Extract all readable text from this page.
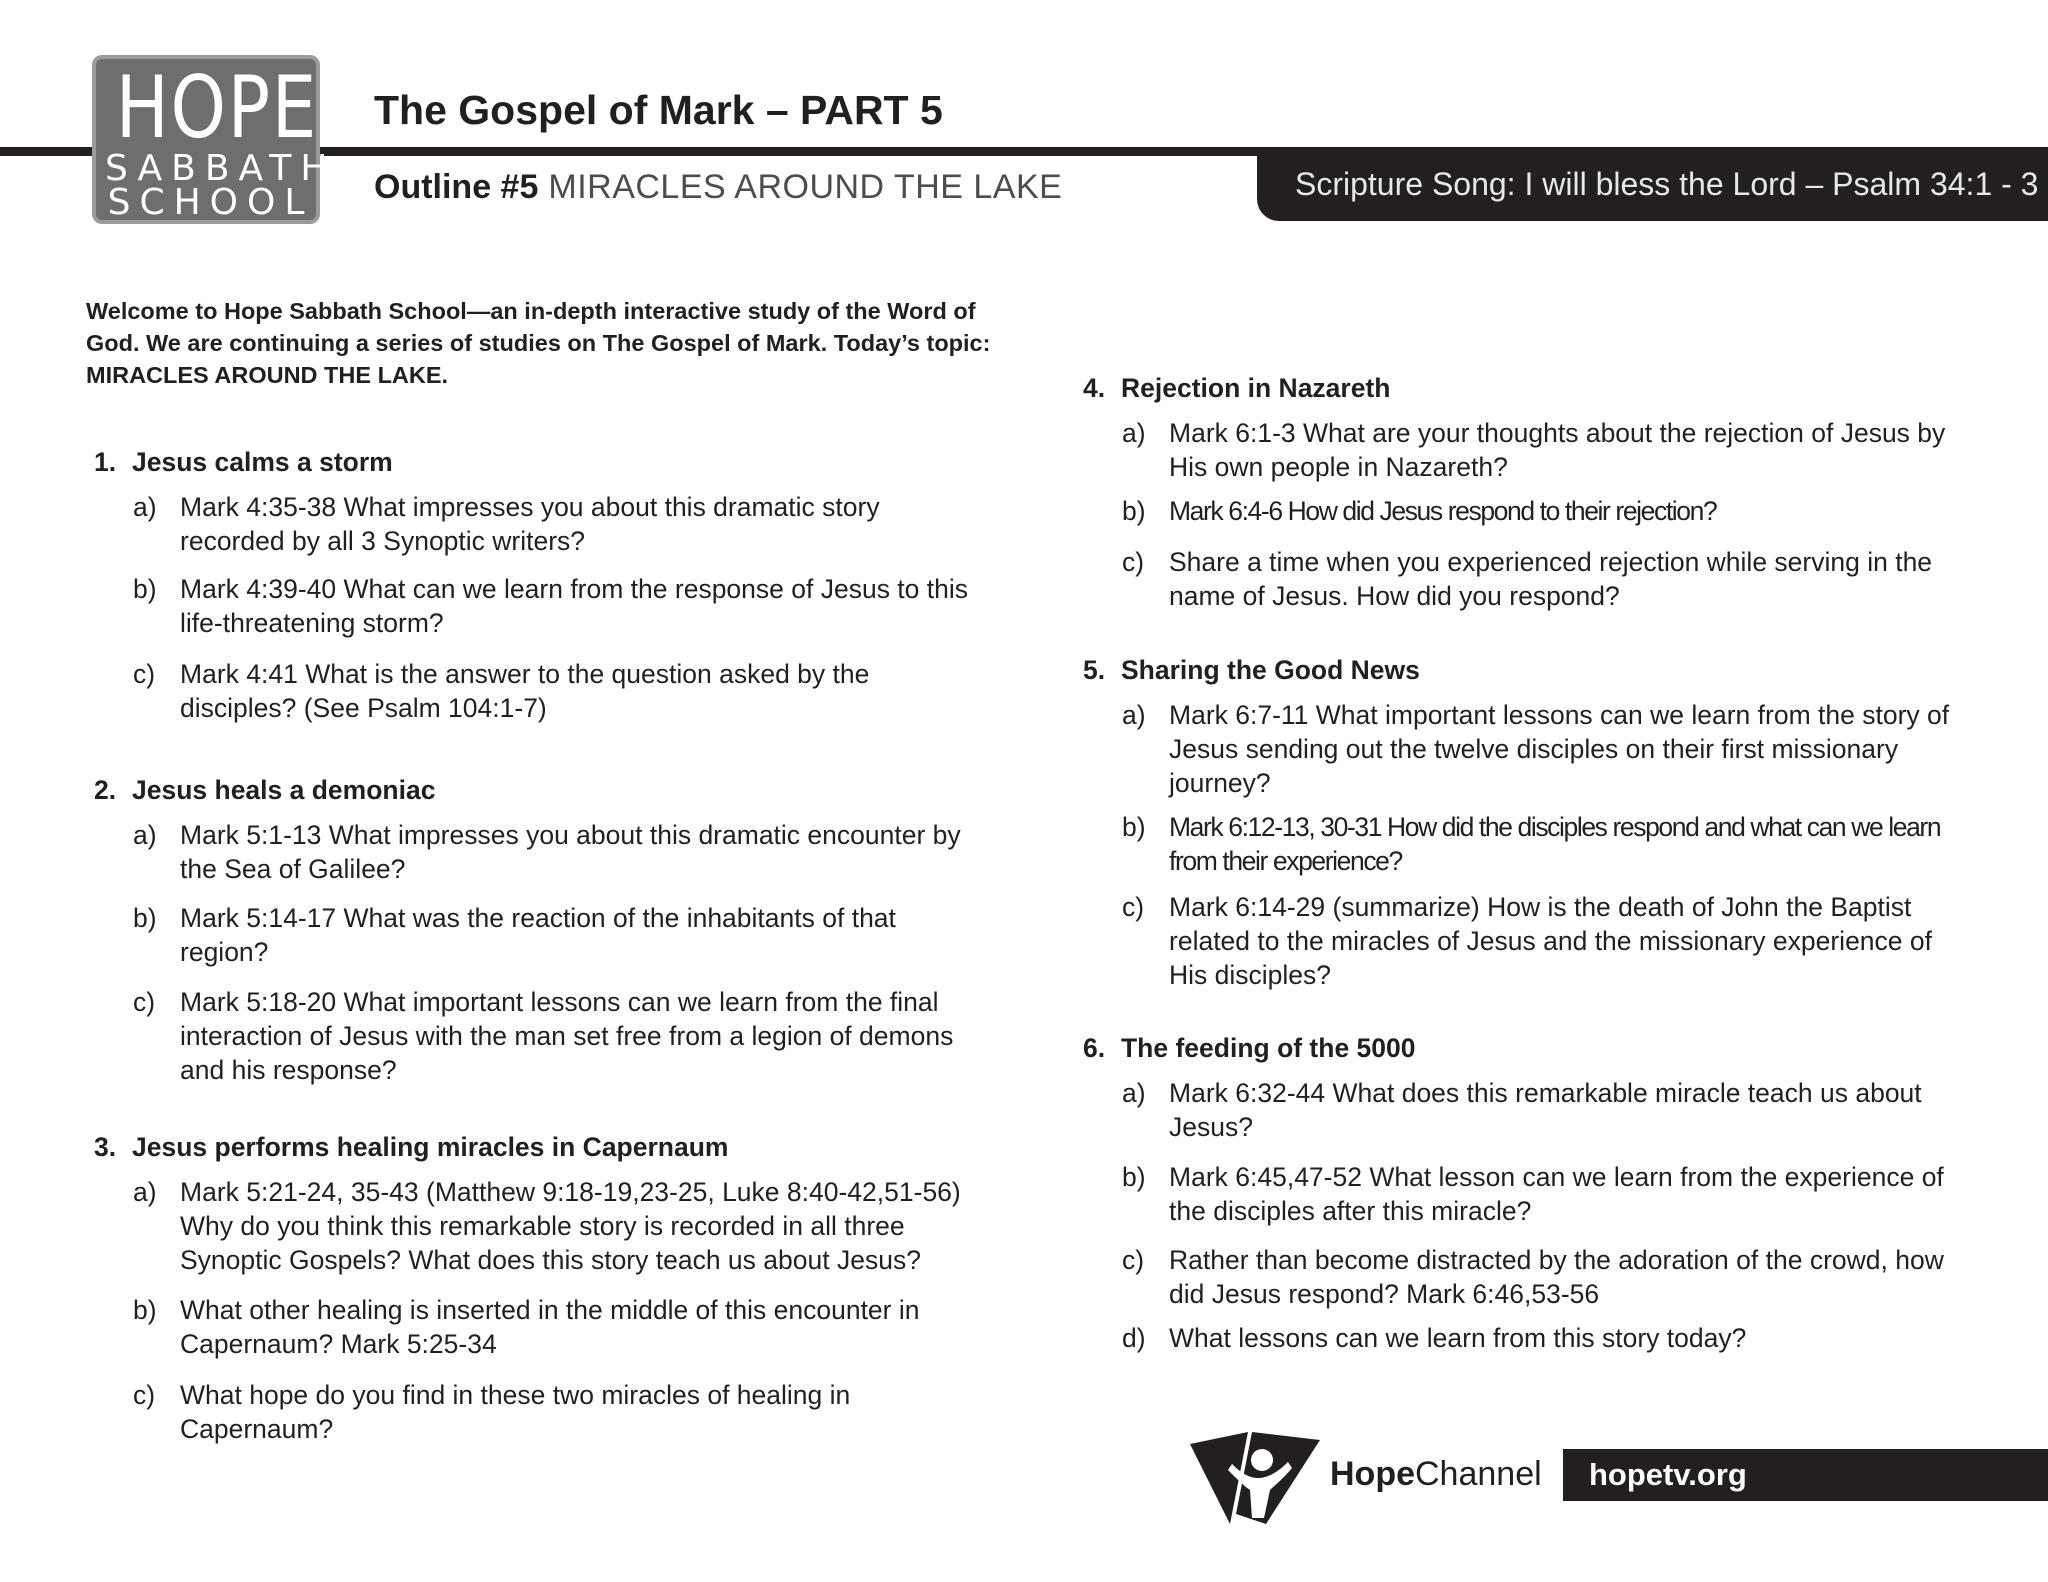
HOPE
SABBATH
SCHOOL
The Gospel of Mark – PART 5
Outline #5 MIRACLES AROUND THE LAKE	Scripture Song: I will bless the Lord – Psalm 34:1 - 3
Welcome to Hope Sabbath School—an in-depth interactive study of the Word of God. We are continuing a series of studies on The Gospel of Mark. Today’s topic: MIRACLES AROUND THE LAKE.
1. Jesus calms a storm
a) Mark 4:35-38 What impresses you about this dramatic story recorded by all 3 Synoptic writers?
b) Mark 4:39-40 What can we learn from the response of Jesus to this life-threatening storm?
c) Mark 4:41 What is the answer to the question asked by the disciples? (See Psalm 104:1-7)
2. Jesus heals a demoniac
a) Mark 5:1-13 What impresses you about this dramatic encounter by the Sea of Galilee?
b) Mark 5:14-17 What was the reaction of the inhabitants of that region?
c) Mark 5:18-20 What important lessons can we learn from the final interaction of Jesus with the man set free from a legion of demons and his response?
3. Jesus performs healing miracles in Capernaum
a) Mark 5:21-24, 35-43 (Matthew 9:18-19,23-25, Luke 8:40-42,51-56) Why do you think this remarkable story is recorded in all three Synoptic Gospels? What does this story teach us about Jesus?
b) What other healing is inserted in the middle of this encounter in Capernaum? Mark 5:25-34
c) What hope do you find in these two miracles of healing in Capernaum?
4. Rejection in Nazareth
a) Mark 6:1-3 What are your thoughts about the rejection of Jesus by His own people in Nazareth?
b) Mark 6:4-6 How did Jesus respond to their rejection?
c) Share a time when you experienced rejection while serving in the name of Jesus. How did you respond?
5. Sharing the Good News
a) Mark 6:7-11 What important lessons can we learn from the story of Jesus sending out the twelve disciples on their first missionary journey?
b) Mark 6:12-13, 30-31 How did the disciples respond and what can we learn from their experience?
c) Mark 6:14-29 (summarize) How is the death of John the Baptist related to the miracles of Jesus and the missionary experience of His disciples?
6. The feeding of the 5000
a) Mark 6:32-44 What does this remarkable miracle teach us about Jesus?
b) Mark 6:45,47-52 What lesson can we learn from the experience of the disciples after this miracle?
c) Rather than become distracted by the adoration of the crowd, how did Jesus respond? Mark 6:46,53-56
d) What lessons can we learn from this story today?
HopeChannel	hopetv.org
